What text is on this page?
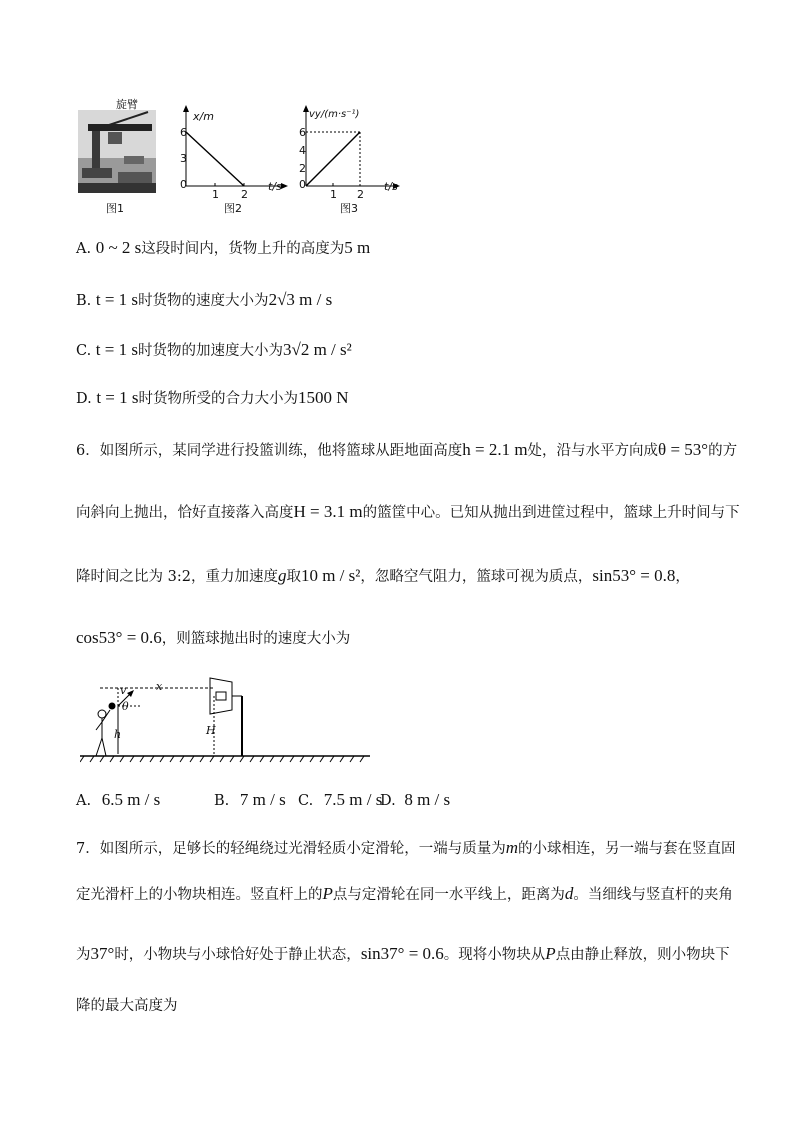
旋臂
图1
x/m
6
3
0
1 2
t/s
图2
vy/(m·s⁻¹)
6
4
2
0
1 2
t/s
图3
A. 0 ~ 2 s这段时间内，货物上升的高度为5 m
B. t = 1 s时货物的速度大小为2√3 m / s
C. t = 1 s时货物的加速度大小为3√2 m / s²
D. t = 1 s时货物所受的合力大小为1500 N
6．如图所示，某同学进行投篮训练，他将篮球从距地面高度h = 2.1 m处，沿与水平方向成θ = 53°的方
向斜向上抛出，恰好直接落入高度H = 3.1 m的篮筐中心。已知从抛出到进筐过程中，篮球上升时间与下
降时间之比为 3:2，重力加速度g取10 m / s²，忽略空气阻力，篮球可视为质点，sin53° = 0.8，
cos53° = 0.6，则篮球抛出时的速度大小为
v
θ
x
h	H
A. 6.5 m / s	B. 7 m / s C. 7.5 m / s
D. 8 m / s
7．如图所示，足够长的轻绳绕过光滑轻质小定滑轮，一端与质量为m的小球相连，另一端与套在竖直固
定光滑杆上的小物块相连。竖直杆上的P点与定滑轮在同一水平线上，距离为d。当细线与竖直杆的夹角
为37°时，小物块与小球恰好处于静止状态，sin37° = 0.6。现将小物块从P点由静止释放，则小物块下
降的最大高度为
